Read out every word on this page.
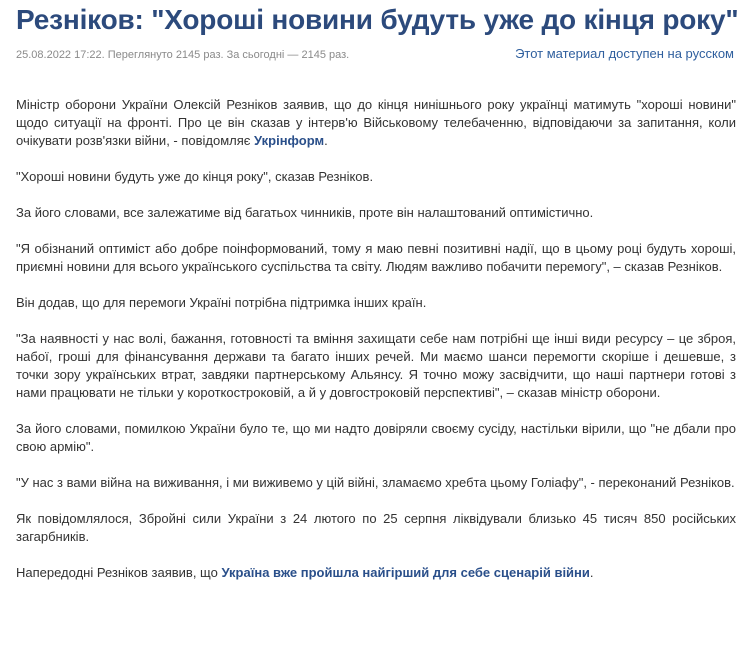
Резніков: "Хороші новини будуть уже до кінця року"
25.08.2022 17:22. Переглянуто 2145 раз. За сьогодні — 2145 раз.	Этот материал доступен на русском

Міністр оборони України Олексій Резніков заявив, що до кінця нинішнього року українці матимуть "хороші новини" щодо ситуації на фронті. Про це він сказав у інтерв'ю Військовому телебаченню, відповідаючи за запитання, коли очікувати розв'язки війни, - повідомляє Укрінформ.

"Хороші новини будуть уже до кінця року", сказав Резніков.

За його словами, все залежатиме від багатьох чинників, проте він налаштований оптимістично.

"Я обізнаний оптиміст або добре поінформований, тому я маю певні позитивні надії, що в цьому році будуть хороші, приємні новини для всього українського суспільства та світу. Людям важливо побачити перемогу", – сказав Резніков.

Він додав, що для перемоги Україні потрібна підтримка інших країн.

"За наявності у нас волі, бажання, готовності та вміння захищати себе нам потрібні ще інші види ресурсу – це зброя, набої, гроші для фінансування держави та багато інших речей. Ми маємо шанси перемогти скоріше і дешевше, з точки зору українських втрат, завдяки партнерському Альянсу. Я точно можу засвідчити, що наші партнери готові з нами працювати не тільки у короткостроковій, а й у довгостроковій перспективі", – сказав міністр оборони.

За його словами, помилкою України було те, що ми надто довіряли своєму сусіду, настільки вірили, що "не дбали про свою армію".

"У нас з вами війна на виживання, і ми виживемо у цій війні, зламаємо хребта цьому Голіафу", - переконаний Резніков.

Як повідомлялося, Збройні сили України з 24 лютого по 25 серпня ліквідували близько 45 тисяч 850 російських загарбників.

Напередодні Резніков заявив, що Україна вже пройшла найгірший для себе сценарій війни.
